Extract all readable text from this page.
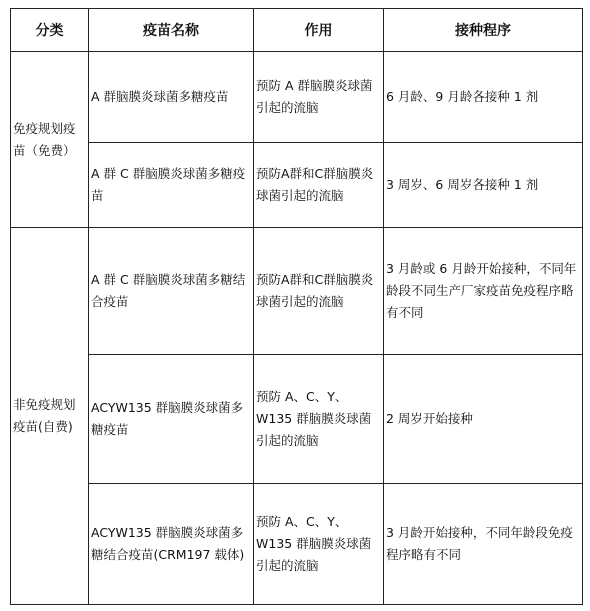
分类	疫苗名称	作用	接种程序
免疫规划疫苗（免费）	A 群脑膜炎球菌多糖疫苗	预防 A 群脑膜炎球菌引起的流脑	6 月龄、9 月龄各接种 1 剂
	A 群 C 群脑膜炎球菌多糖疫苗	预防A群和C群脑膜炎球菌引起的流脑	3 周岁、6 周岁各接种 1 剂
非免疫规划疫苗(自费)	A 群 C 群脑膜炎球菌多糖结合疫苗	预防A群和C群脑膜炎球菌引起的流脑	3 月龄或 6 月龄开始接种，不同年龄段不同生产厂家疫苗免疫程序略有不同
	ACYW135 群脑膜炎球菌多糖疫苗	预防 A、C、Y、W135 群脑膜炎球菌引起的流脑	2 周岁开始接种
	ACYW135 群脑膜炎球菌多糖结合疫苗(CRM197 载体)	预防 A、C、Y、W135 群脑膜炎球菌引起的流脑	3 月龄开始接种，不同年龄段免疫程序略有不同
